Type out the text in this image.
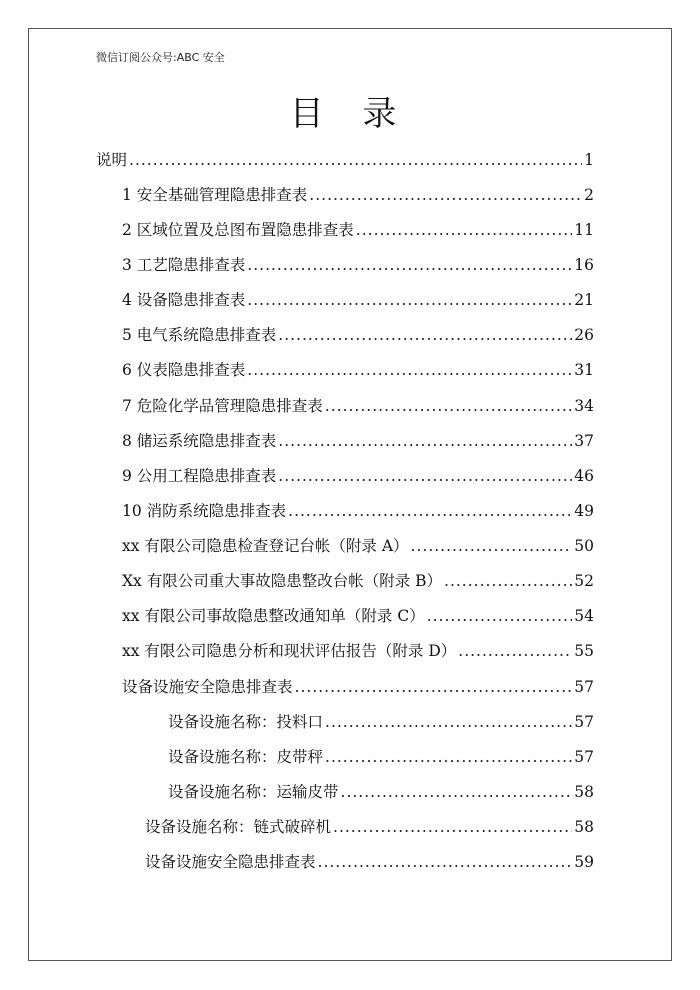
微信订阅公众号:ABC 安全
目 录
说明 .....	1
1 安全基础管理隐患排查表 .....	2
2 区域位置及总图布置隐患排查表 .....	11
3 工艺隐患排查表 .....	16
4 设备隐患排查表 .....	21
5 电气系统隐患排查表 .....	26
6 仪表隐患排查表 .....	31
7 危险化学品管理隐患排查表 .....	34
8 储运系统隐患排查表 .....	37
9 公用工程隐患排查表 .....	46
10 消防系统隐患排查表 .....	49
xx 有限公司隐患检查登记台帐（附录 A） .....	50
Xx 有限公司重大事故隐患整改台帐（附录 B） .....	52
xx 有限公司事故隐患整改通知单（附录 C） .....	54
xx 有限公司隐患分析和现状评估报告（附录 D） .....	55
设备设施安全隐患排查表 .....	57
设备设施名称：投料口 .....	57
设备设施名称：皮带秤 .....	57
设备设施名称：运输皮带 .....	58
设备设施名称：链式破碎机 .....	58
设备设施安全隐患排查表 .....	59
